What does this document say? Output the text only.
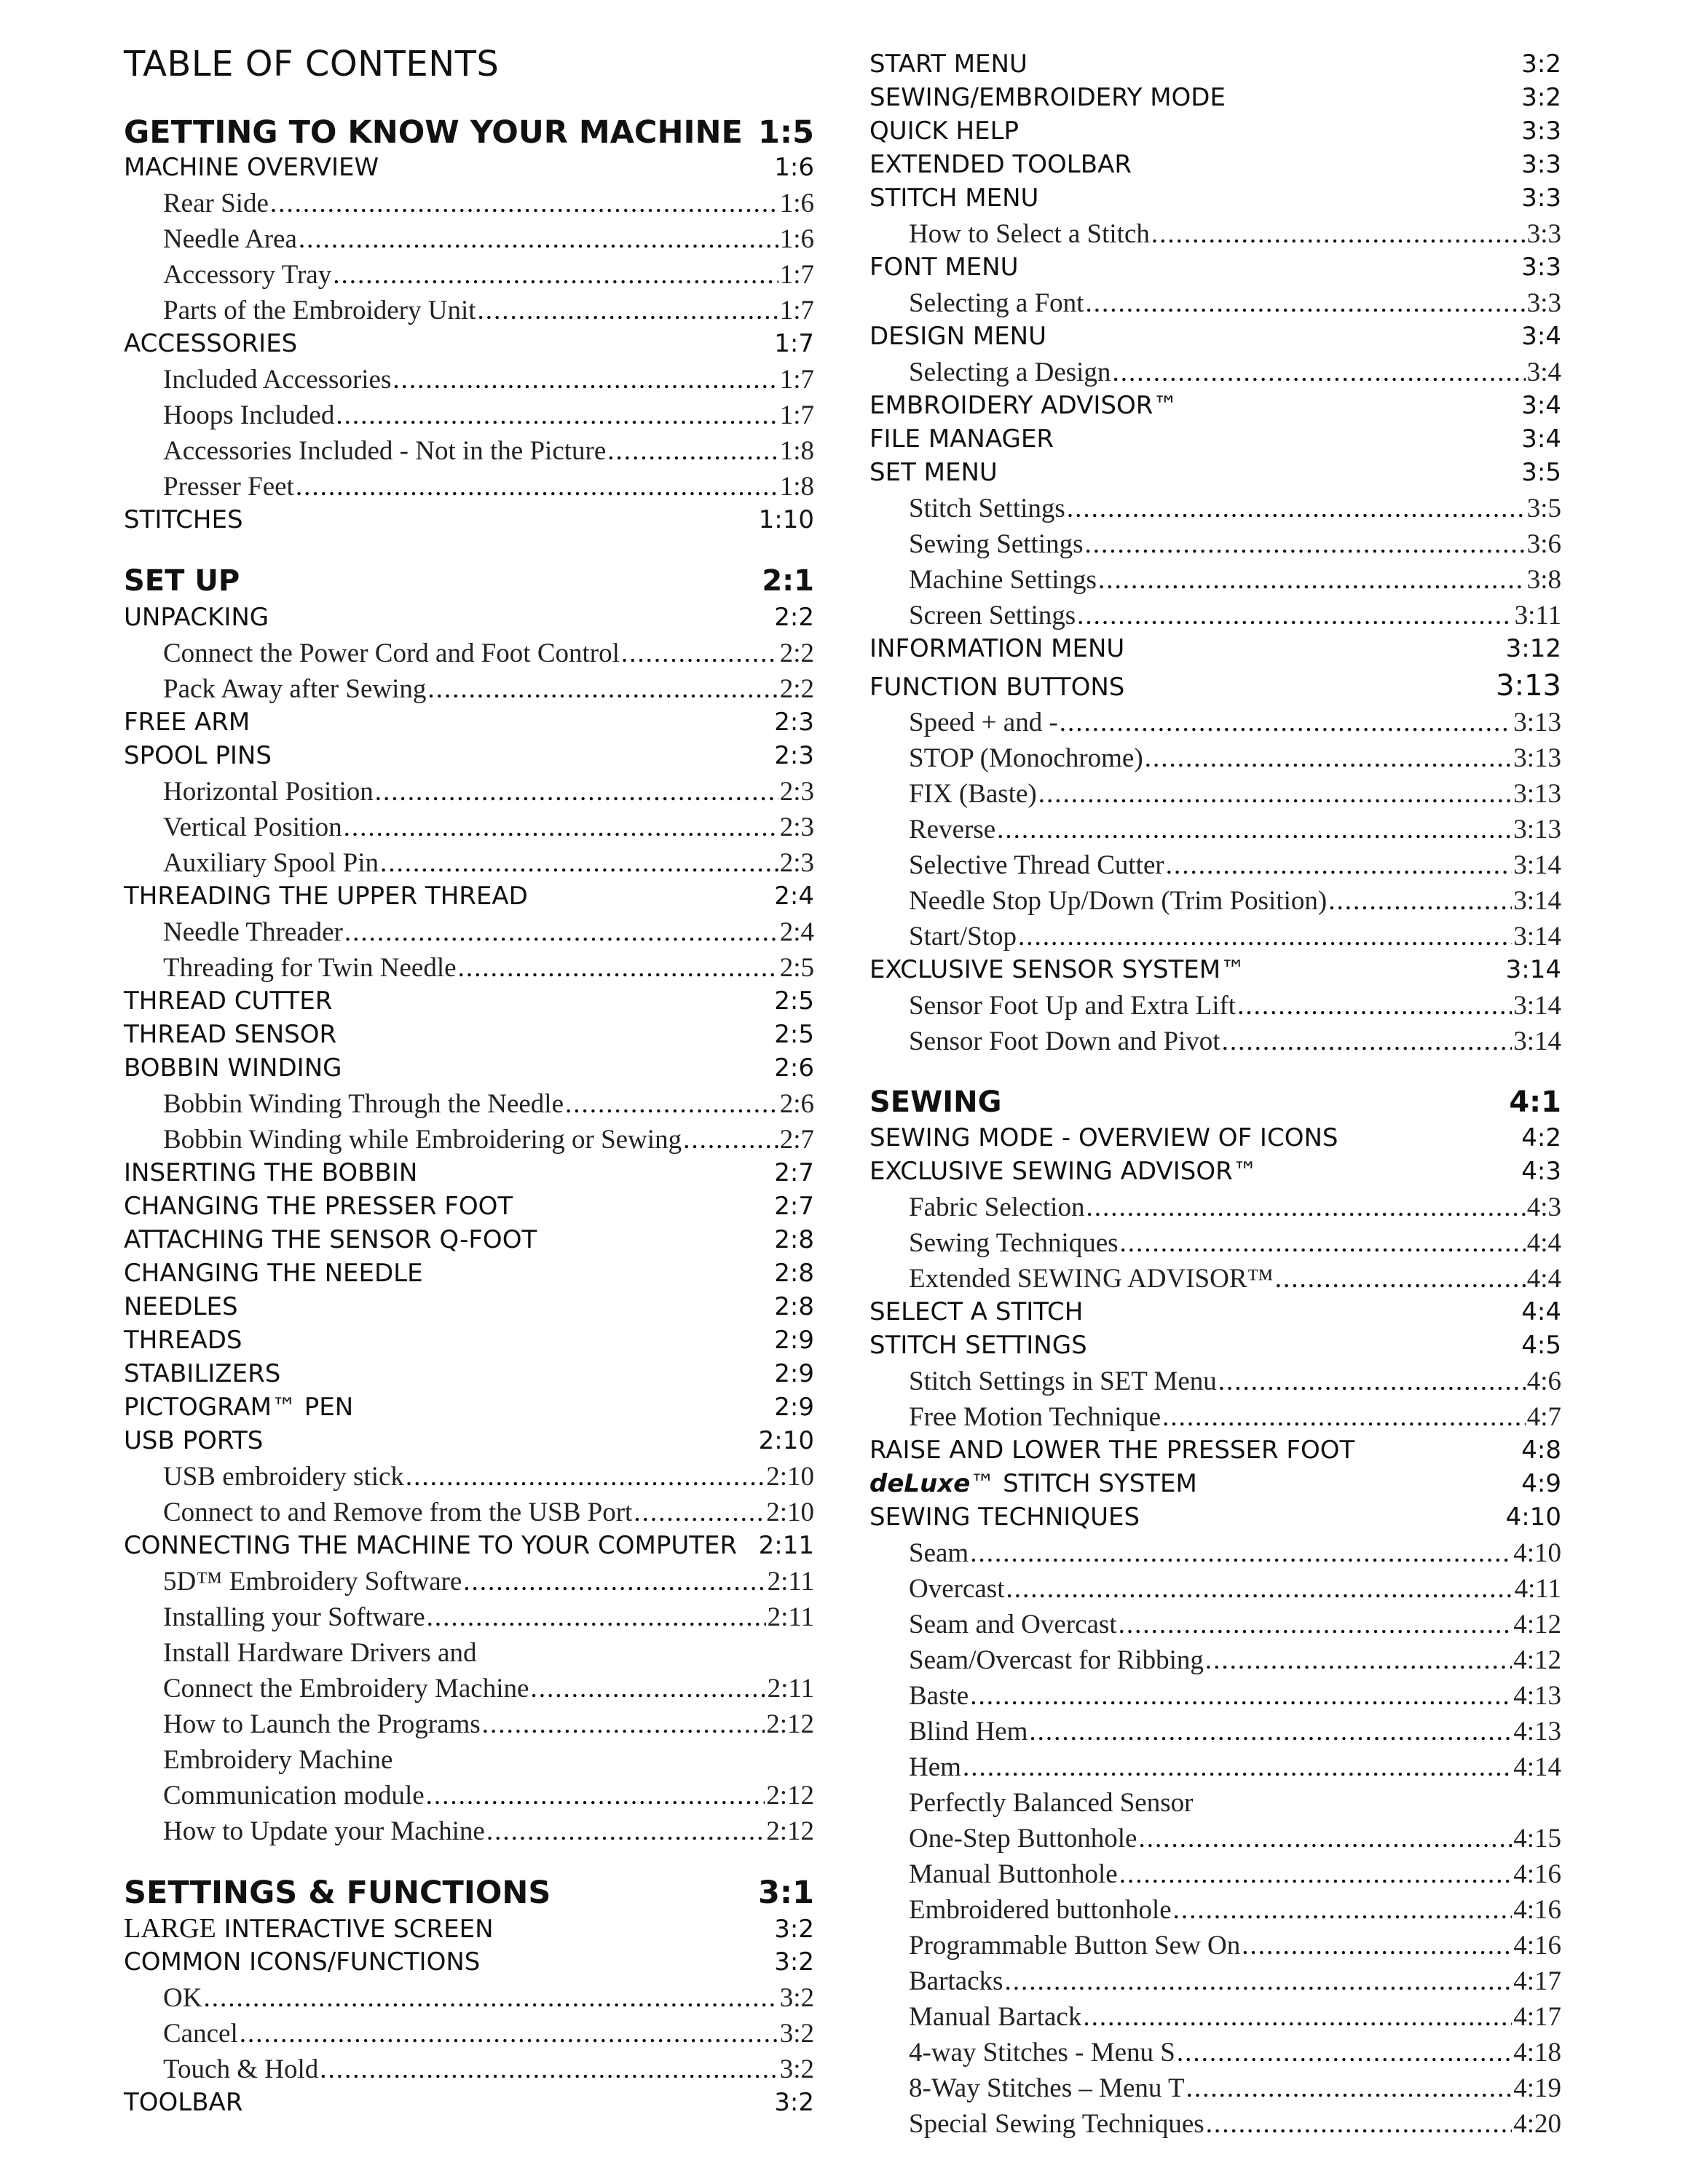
TABLE OF CONTENTS
GETTING TO KNOW YOUR MACHINE 1:5
MACHINE OVERVIEW	1:6
Rear Side .....	1:6
Needle Area .....	1:6
Accessory Tray .....	1:7
Parts of the Embroidery Unit .....	1:7
ACCESSORIES	1:7
Included Accessories .....	1:7
Hoops Included .....	1:7
Accessories Included - Not in the Picture .....	1:8
Presser Feet .....	1:8
STITCHES	1:10
SET UP	2:1
UNPACKING	2:2
Connect the Power Cord and Foot Control .....	2:2
Pack Away after Sewing .....	2:2
FREE ARM	2:3
SPOOL PINS	2:3
Horizontal Position .....	2:3
Vertical Position .....	2:3
Auxiliary Spool Pin .....	2:3
THREADING THE UPPER THREAD	2:4
Needle Threader .....	2:4
Threading for Twin Needle .....	2:5
THREAD CUTTER	2:5
THREAD SENSOR	2:5
BOBBIN WINDING	2:6
Bobbin Winding Through the Needle .....	2:6
Bobbin Winding while Embroidering or Sewing .....	2:7
INSERTING THE BOBBIN	2:7
CHANGING THE PRESSER FOOT	2:7
ATTACHING THE SENSOR Q-FOOT	2:8
CHANGING THE NEEDLE	2:8
NEEDLES	2:8
THREADS	2:9
STABILIZERS	2:9
PICTOGRAM™ PEN	2:9
USB PORTS	2:10
USB embroidery stick .....	2:10
Connect to and Remove from the USB Port .....	2:10
CONNECTING THE MACHINE TO YOUR COMPUTER 2:11
5D™ Embroidery Software .....	2:11
Installing your Software .....	2:11
Install Hardware Drivers and
Connect the Embroidery Machine .....	2:11
How to Launch the Programs .....	2:12
Embroidery Machine
Communication module .....	2:12
How to Update your Machine .....	2:12
SETTINGS & FUNCTIONS	3:1
LARGE INTERACTIVE SCREEN	3:2
COMMON ICONS/FUNCTIONS	3:2
OK .....	3:2
Cancel .....	3:2
Touch & Hold .....	3:2
TOOLBAR	3:2
START MENU	3:2
SEWING/EMBROIDERY MODE	3:2
QUICK HELP	3:3
EXTENDED TOOLBAR	3:3
STITCH MENU	3:3
How to Select a Stitch .....	3:3
FONT MENU	3:3
Selecting a Font .....	3:3
DESIGN MENU	3:4
Selecting a Design .....	3:4
EMBROIDERY ADVISOR™	3:4
FILE MANAGER	3:4
SET MENU	3:5
Stitch Settings .....	3:5
Sewing Settings .....	3:6
Machine Settings .....	3:8
Screen Settings .....	3:11
INFORMATION MENU	3:12
FUNCTION BUTTONS	3:13
Speed + and - .....	3:13
STOP (Monochrome) .....	3:13
FIX (Baste) .....	3:13
Reverse .....	3:13
Selective Thread Cutter .....	3:14
Needle Stop Up/Down (Trim Position) .....	3:14
Start/Stop .....	3:14
EXCLUSIVE SENSOR SYSTEM™	3:14
Sensor Foot Up and Extra Lift .....	3:14
Sensor Foot Down and Pivot .....	3:14
SEWING	4:1
SEWING MODE - OVERVIEW OF ICONS	4:2
EXCLUSIVE SEWING ADVISOR™	4:3
Fabric Selection .....	4:3
Sewing Techniques .....	4:4
Extended SEWING ADVISOR™ .....	4:4
SELECT A STITCH	4:4
STITCH SETTINGS	4:5
Stitch Settings in SET Menu .....	4:6
Free Motion Technique .....	4:7
RAISE AND LOWER THE PRESSER FOOT	4:8
deLuxe™ STITCH SYSTEM	4:9
SEWING TECHNIQUES	4:10
Seam .....	4:10
Overcast .....	4:11
Seam and Overcast .....	4:12
Seam/Overcast for Ribbing .....	4:12
Baste .....	4:13
Blind Hem .....	4:13
Hem .....	4:14
Perfectly Balanced Sensor
One-Step Buttonhole .....	4:15
Manual Buttonhole .....	4:16
Embroidered buttonhole .....	4:16
Programmable Button Sew On .....	4:16
Bartacks .....	4:17
Manual Bartack .....	4:17
4-way Stitches - Menu S .....	4:18
8-Way Stitches – Menu T .....	4:19
Special Sewing Techniques .....	4:20
